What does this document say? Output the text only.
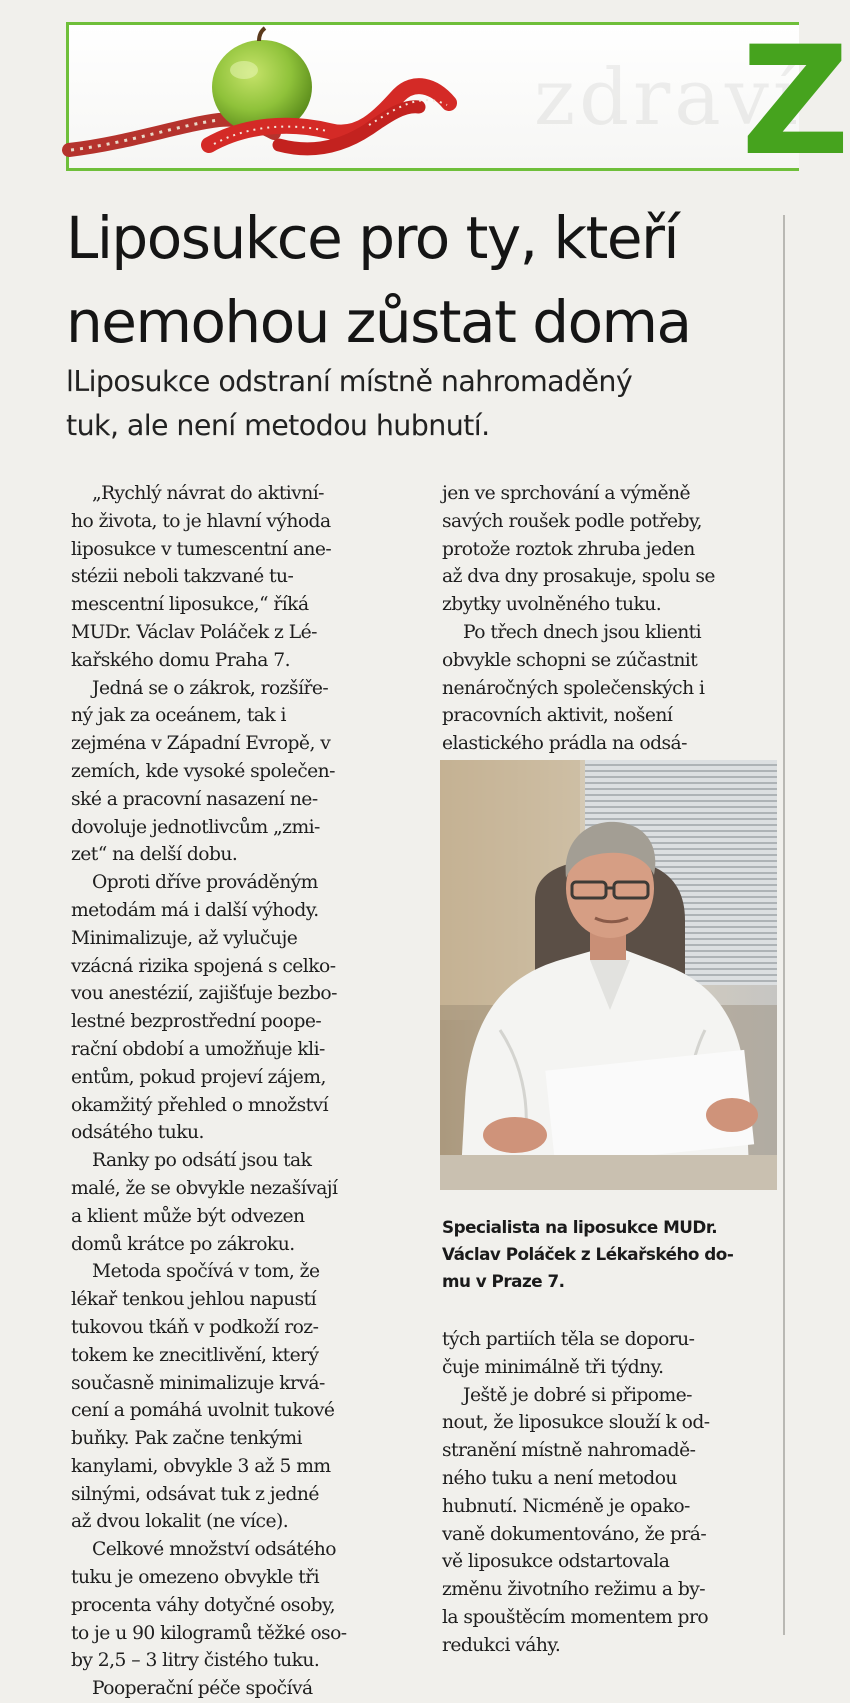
zdraví
Z
Liposukce pro ty, kteří
nemohou zůstat doma
lLiposukce odstraní místně nahromaděný
tuk, ale není metodou hubnutí.

„Rychlý návrat do aktivní-

ho života, to je hlavní výhoda

liposukce v tumescentní ane-

stézii neboli takzvané tu-

mescentní liposukce,“ říká

MUDr. Václav Poláček z Lé-

kařského domu Praha 7.

Jedná se o zákrok, rozšíře-

ný jak za oceánem, tak i

zejména v Západní Evropě, v

zemích, kde vysoké společen-

ské a pracovní nasazení ne-

dovoluje jednotlivcům „zmi-

zet“ na delší dobu.

Oproti dříve prováděným

metodám má i další výhody.

Minimalizuje, až vylučuje

vzácná rizika spojená s celko-

vou anestézií, zajišťuje bezbo-

lestné bezprostřední poope-

rační období a umožňuje kli-

entům, pokud projeví zájem,

okamžitý přehled o množství

odsátého tuku.

Ranky po odsátí jsou tak

malé, že se obvykle nezašívají

a klient může být odvezen

domů krátce po zákroku.

Metoda spočívá v tom, že

lékař tenkou jehlou napustí

tukovou tkáň v podkoží roz-

tokem ke znecitlivění, který

současně minimalizuje krvá-

cení a pomáhá uvolnit tukové

buňky. Pak začne tenkými

kanylami, obvykle 3 až 5 mm

silnými, odsávat tuk z jedné

až dvou lokalit (ne více).

Celkové množství odsátého

tuku je omezeno obvykle tři

procenta váhy dotyčné osoby,

to je u 90 kilogramů těžké oso-

by 2,5 – 3 litry čistého tuku.

Pooperační péče spočívá

jen ve sprchování a výměně

savých roušek podle potřeby,

protože roztok zhruba jeden

až dva dny prosakuje, spolu se

zbytky uvolněného tuku.

Po třech dnech jsou klienti

obvykle schopni se zúčastnit

nenáročných společenských i

pracovních aktivit, nošení

elastického prádla na odsá-

Specialista na liposukce MUDr.
Václav Poláček z Lékařského do-
mu v Praze 7.

tých partiích těla se doporu-

čuje minimálně tři týdny.

Ještě je dobré si připome-

nout, že liposukce slouží k od-

stranění místně nahromadě-

ného tuku a není metodou

hubnutí. Nicméně je opako-

vaně dokumentováno, že prá-

vě liposukce odstartovala

změnu životního režimu a by-

la spouštěcím momentem pro

redukci váhy.
